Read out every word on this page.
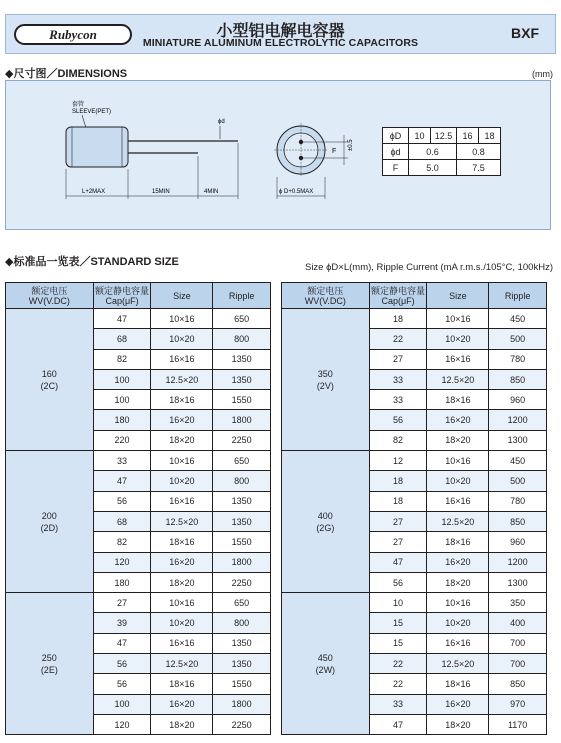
Rubycon	小型铝电解电容器
MINIATURE ALUMINUM ELECTROLYTIC CAPACITORS
BXF
◆尺寸图／DIMENSIONS	(mm)
套管
SLEEVE(PET)
ϕd
L+2MAX	15MIN	4MIN
F
±0.5
ϕ D+0.5MAX
ϕD	10	12.5	16	18
ϕd	0.6		0.8	
F	5.0		7.5	
◆标准品一览表／STANDARD SIZE	Size ϕD×L(mm), Ripple Current (mA r.m.s./105°C, 100kHz)
额定电压
WV(V.DC)	额定静电容量
Cap(μF)	Size	Ripple
160
(2C)	47	10×16	650
	68	10×20	800
	82	16×16	1350
	100	12.5×20	1350
	100	18×16	1550
	180	16×20	1800
	220	18×20	2250
200
(2D)	33	10×16	650
	47	10×20	800
	56	16×16	1350
	68	12.5×20	1350
	82	18×16	1550
	120	16×20	1800
	180	18×20	2250
250
(2E)	27	10×16	650
	39	10×20	800
	47	16×16	1350
	56	12.5×20	1350
	56	18×16	1550
	100	16×20	1800
	120	18×20	2250
额定电压
WV(V.DC)	额定静电容量
Cap(μF)	Size	Ripple
350
(2V)	18	10×16	450
	22	10×20	500
	27	16×16	780
	33	12.5×20	850
	33	18×16	960
	56	16×20	1200
	82	18×20	1300
400
(2G)	12	10×16	450
	18	10×20	500
	18	16×16	780
	27	12.5×20	850
	27	18×16	960
	47	16×20	1200
	56	18×20	1300
450
(2W)	10	10×16	350
	15	10×20	400
	15	16×16	700
	22	12.5×20	700
	22	18×16	850
	33	16×20	970
	47	18×20	1170
